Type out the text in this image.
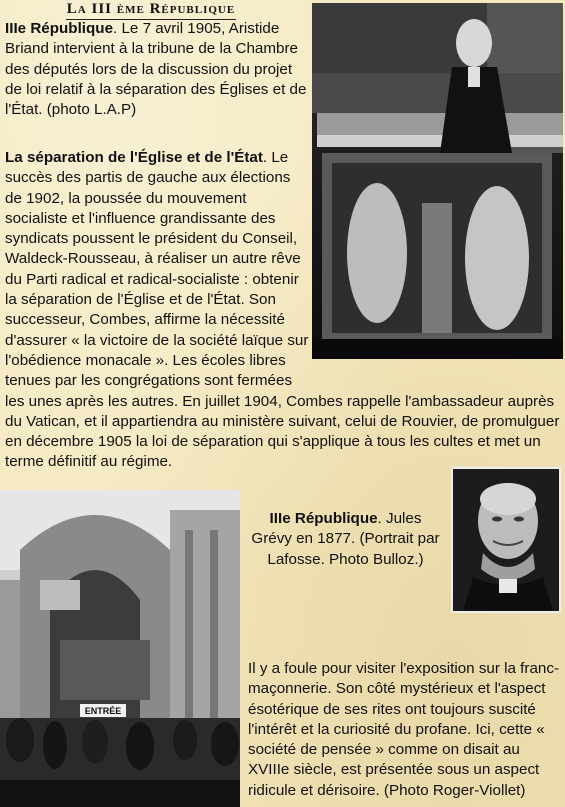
La III ème République
IIIe République. Le 7 avril 1905, Aristide Briand intervient à la tribune de la Chambre des députés lors de la discussion du projet de loi relatif à la séparation des Églises et de l'État. (photo L.A.P)
La séparation de l'Église et de l'État. Le succès des partis de gauche aux élections de 1902, la poussée du mouvement socialiste et l'influence grandissante des syndicats poussent le président du Conseil, Waldeck-Rousseau, à réaliser un autre rêve du Parti radical et radical-socialiste : obtenir la séparation de l'Église et de l'État. Son successeur, Combes, affirme la nécessité d'assurer « la victoire de la société laïque sur l'obédience monacale ». Les écoles libres tenues par les congrégations sont fermées les unes après les autres. En juillet 1904, Combes rappelle l'ambassadeur auprès du Vatican, et il appartiendra au ministère suivant, celui de Rouvier, de promulguer en décembre 1905 la loi de séparation qui s'applique à tous les cultes et met un terme définitif au régime.
IIIe République. Jules Grévy en 1877. (Portrait par Lafosse. Photo Bulloz.)
Il y a foule pour visiter l'exposition sur la franc-maçonnerie. Son côté mystérieux et l'aspect ésotérique de ses rites ont toujours suscité l'intérêt et la curiosité du profane. Ici, cette « société de pensée » comme on disait au XVIIIe siècle, est présentée sous un aspect ridicule et dérisoire. (Photo Roger-Viollet)
ENTRÉE
